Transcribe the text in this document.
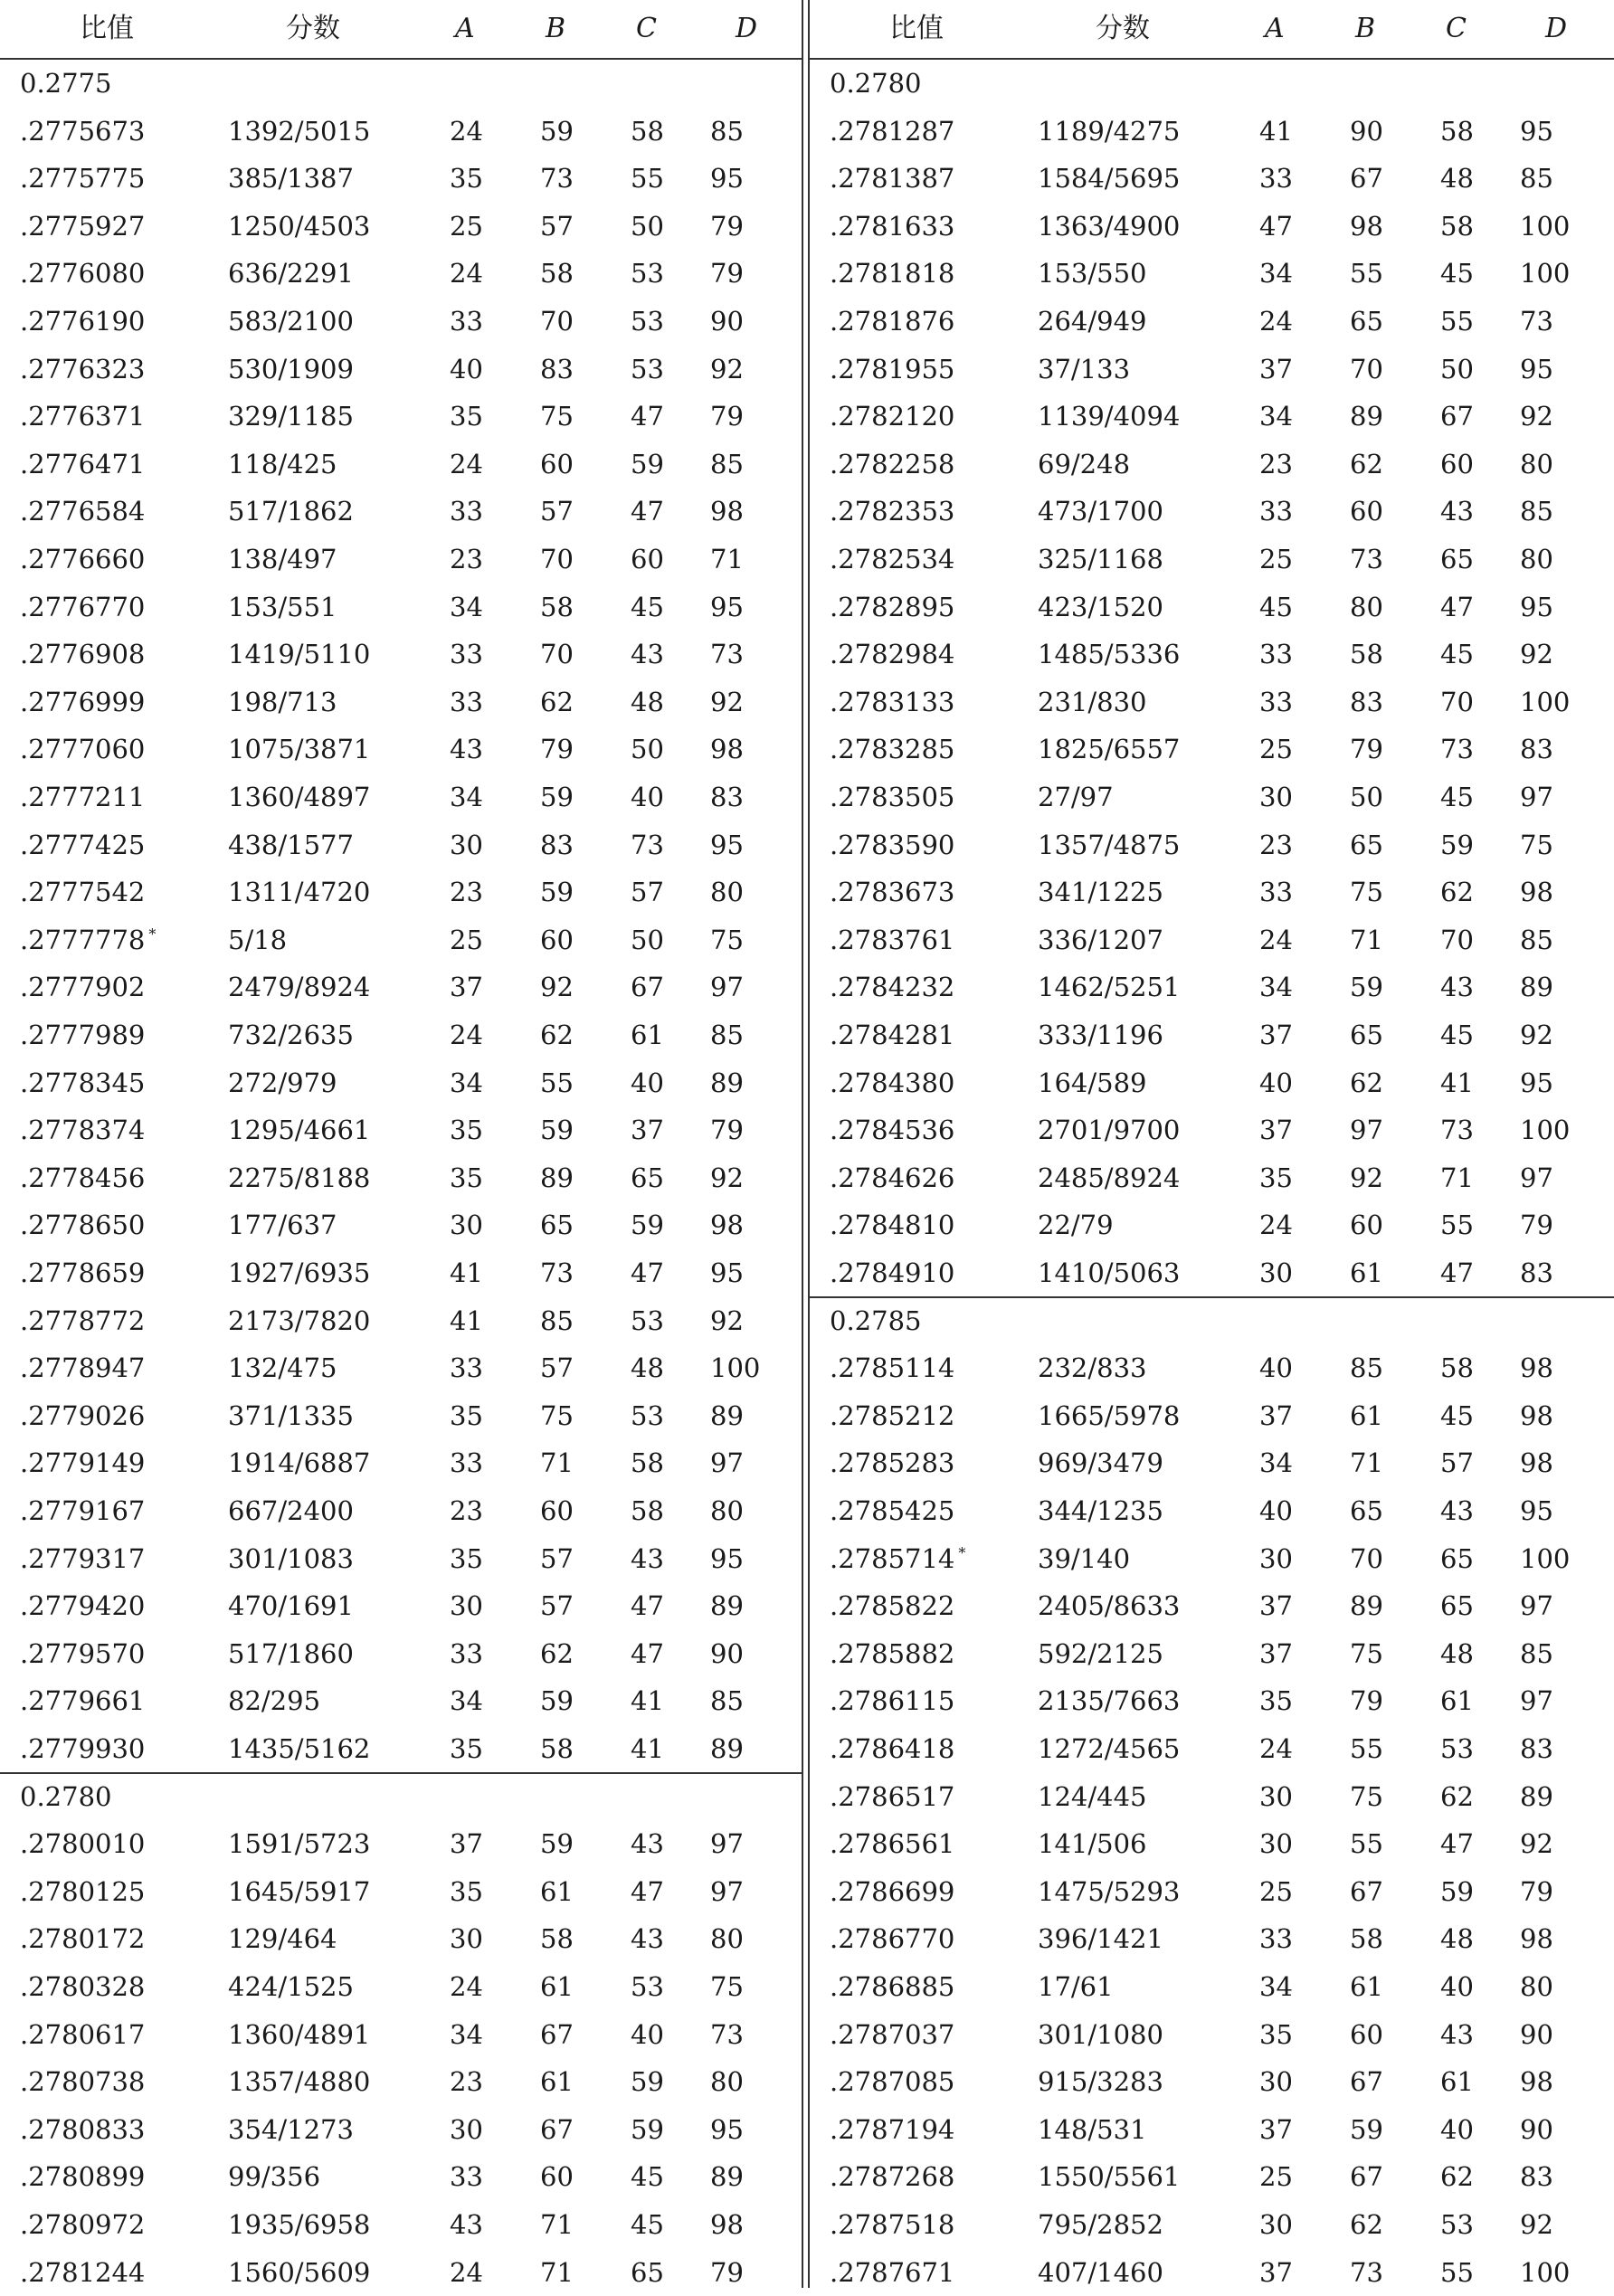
比值	分数	A	B	C	D
0.2775
.2775673	1392/5015	24 59 58 85
.2775775	385/1387	35 73 55 95
.2775927	1250/4503	25 57 50 79
.2776080	636/2291	24 58 53 79
.2776190	583/2100	33 70 53 90
.2776323	530/1909	40 83 53 92
.2776371	329/1185	35 75 47 79
.2776471	118/425	24 60 59 85
.2776584	517/1862	33 57 47 98
.2776660	138/497	23 70 60 71
.2776770	153/551	34 58 45 95
.2776908	1419/5110	33 70 43 73
.2776999	198/713	33 62 48 92
.2777060	1075/3871	43 79 50 98
.2777211	1360/4897	34 59 40 83
.2777425	438/1577	30 83 73 95
.2777542	1311/4720	23 59 57 80
.2777778 *	5/18	25 60 50 75
.2777902	2479/8924	37 92 67 97
.2777989	732/2635	24 62 61 85
.2778345	272/979	34 55 40 89
.2778374	1295/4661	35 59 37 79
.2778456	2275/8188	35 89 65 92
.2778650	177/637	30 65 59 98
.2778659	1927/6935	41 73 47 95
.2778772	2173/7820	41 85 53 92
.2778947	132/475	33 57 48 100
.2779026	371/1335	35 75 53 89
.2779149	1914/6887	33 71 58 97
.2779167	667/2400	23 60 58 80
.2779317	301/1083	35 57 43 95
.2779420	470/1691	30 57 47 89
.2779570	517/1860	33 62 47 90
.2779661	82/295	34 59 41 85
.2779930	1435/5162	35 58 41 89
0.2780
.2780010	1591/5723	37 59 43 97
.2780125	1645/5917	35 61 47 97
.2780172	129/464	30 58 43 80
.2780328	424/1525	24 61 53 75
.2780617	1360/4891	34 67 40 73
.2780738	1357/4880	23 61 59 80
.2780833	354/1273	30 67 59 95
.2780899	99/356	33 60 45 89
.2780972	1935/6958	43 71 45 98
.2781244	1560/5609	24 71 65 79
比值	分数	A	B	C	D
0.2780
.2781287	1189/4275	41 90 58 95
.2781387	1584/5695	33 67 48 85
.2781633	1363/4900	47 98 58 100
.2781818	153/550	34 55 45 100
.2781876	264/949	24 65 55 73
.2781955	37/133	37 70 50 95
.2782120	1139/4094	34 89 67 92
.2782258	69/248	23 62 60 80
.2782353	473/1700	33 60 43 85
.2782534	325/1168	25 73 65 80
.2782895	423/1520	45 80 47 95
.2782984	1485/5336	33 58 45 92
.2783133	231/830	33 83 70 100
.2783285	1825/6557	25 79 73 83
.2783505	27/97	30 50 45 97
.2783590	1357/4875	23 65 59 75
.2783673	341/1225	33 75 62 98
.2783761	336/1207	24 71 70 85
.2784232	1462/5251	34 59 43 89
.2784281	333/1196	37 65 45 92
.2784380	164/589	40 62 41 95
.2784536	2701/9700	37 97 73 100
.2784626	2485/8924	35 92 71 97
.2784810	22/79	24 60 55 79
.2784910	1410/5063	30 61 47 83
0.2785
.2785114	232/833	40 85 58 98
.2785212	1665/5978	37 61 45 98
.2785283	969/3479	34 71 57 98
.2785425	344/1235	40 65 43 95
.2785714 *	39/140	30 70 65 100
.2785822	2405/8633	37 89 65 97
.2785882	592/2125	37 75 48 85
.2786115	2135/7663	35 79 61 97
.2786418	1272/4565	24 55 53 83
.2786517	124/445	30 75 62 89
.2786561	141/506	30 55 47 92
.2786699	1475/5293	25 67 59 79
.2786770	396/1421	33 58 48 98
.2786885	17/61	34 61 40 80
.2787037	301/1080	35 60 43 90
.2787085	915/3283	30 67 61 98
.2787194	148/531	37 59 40 90
.2787268	1550/5561	25 67 62 83
.2787518	795/2852	30 62 53 92
.2787671	407/1460	37 73 55 100
